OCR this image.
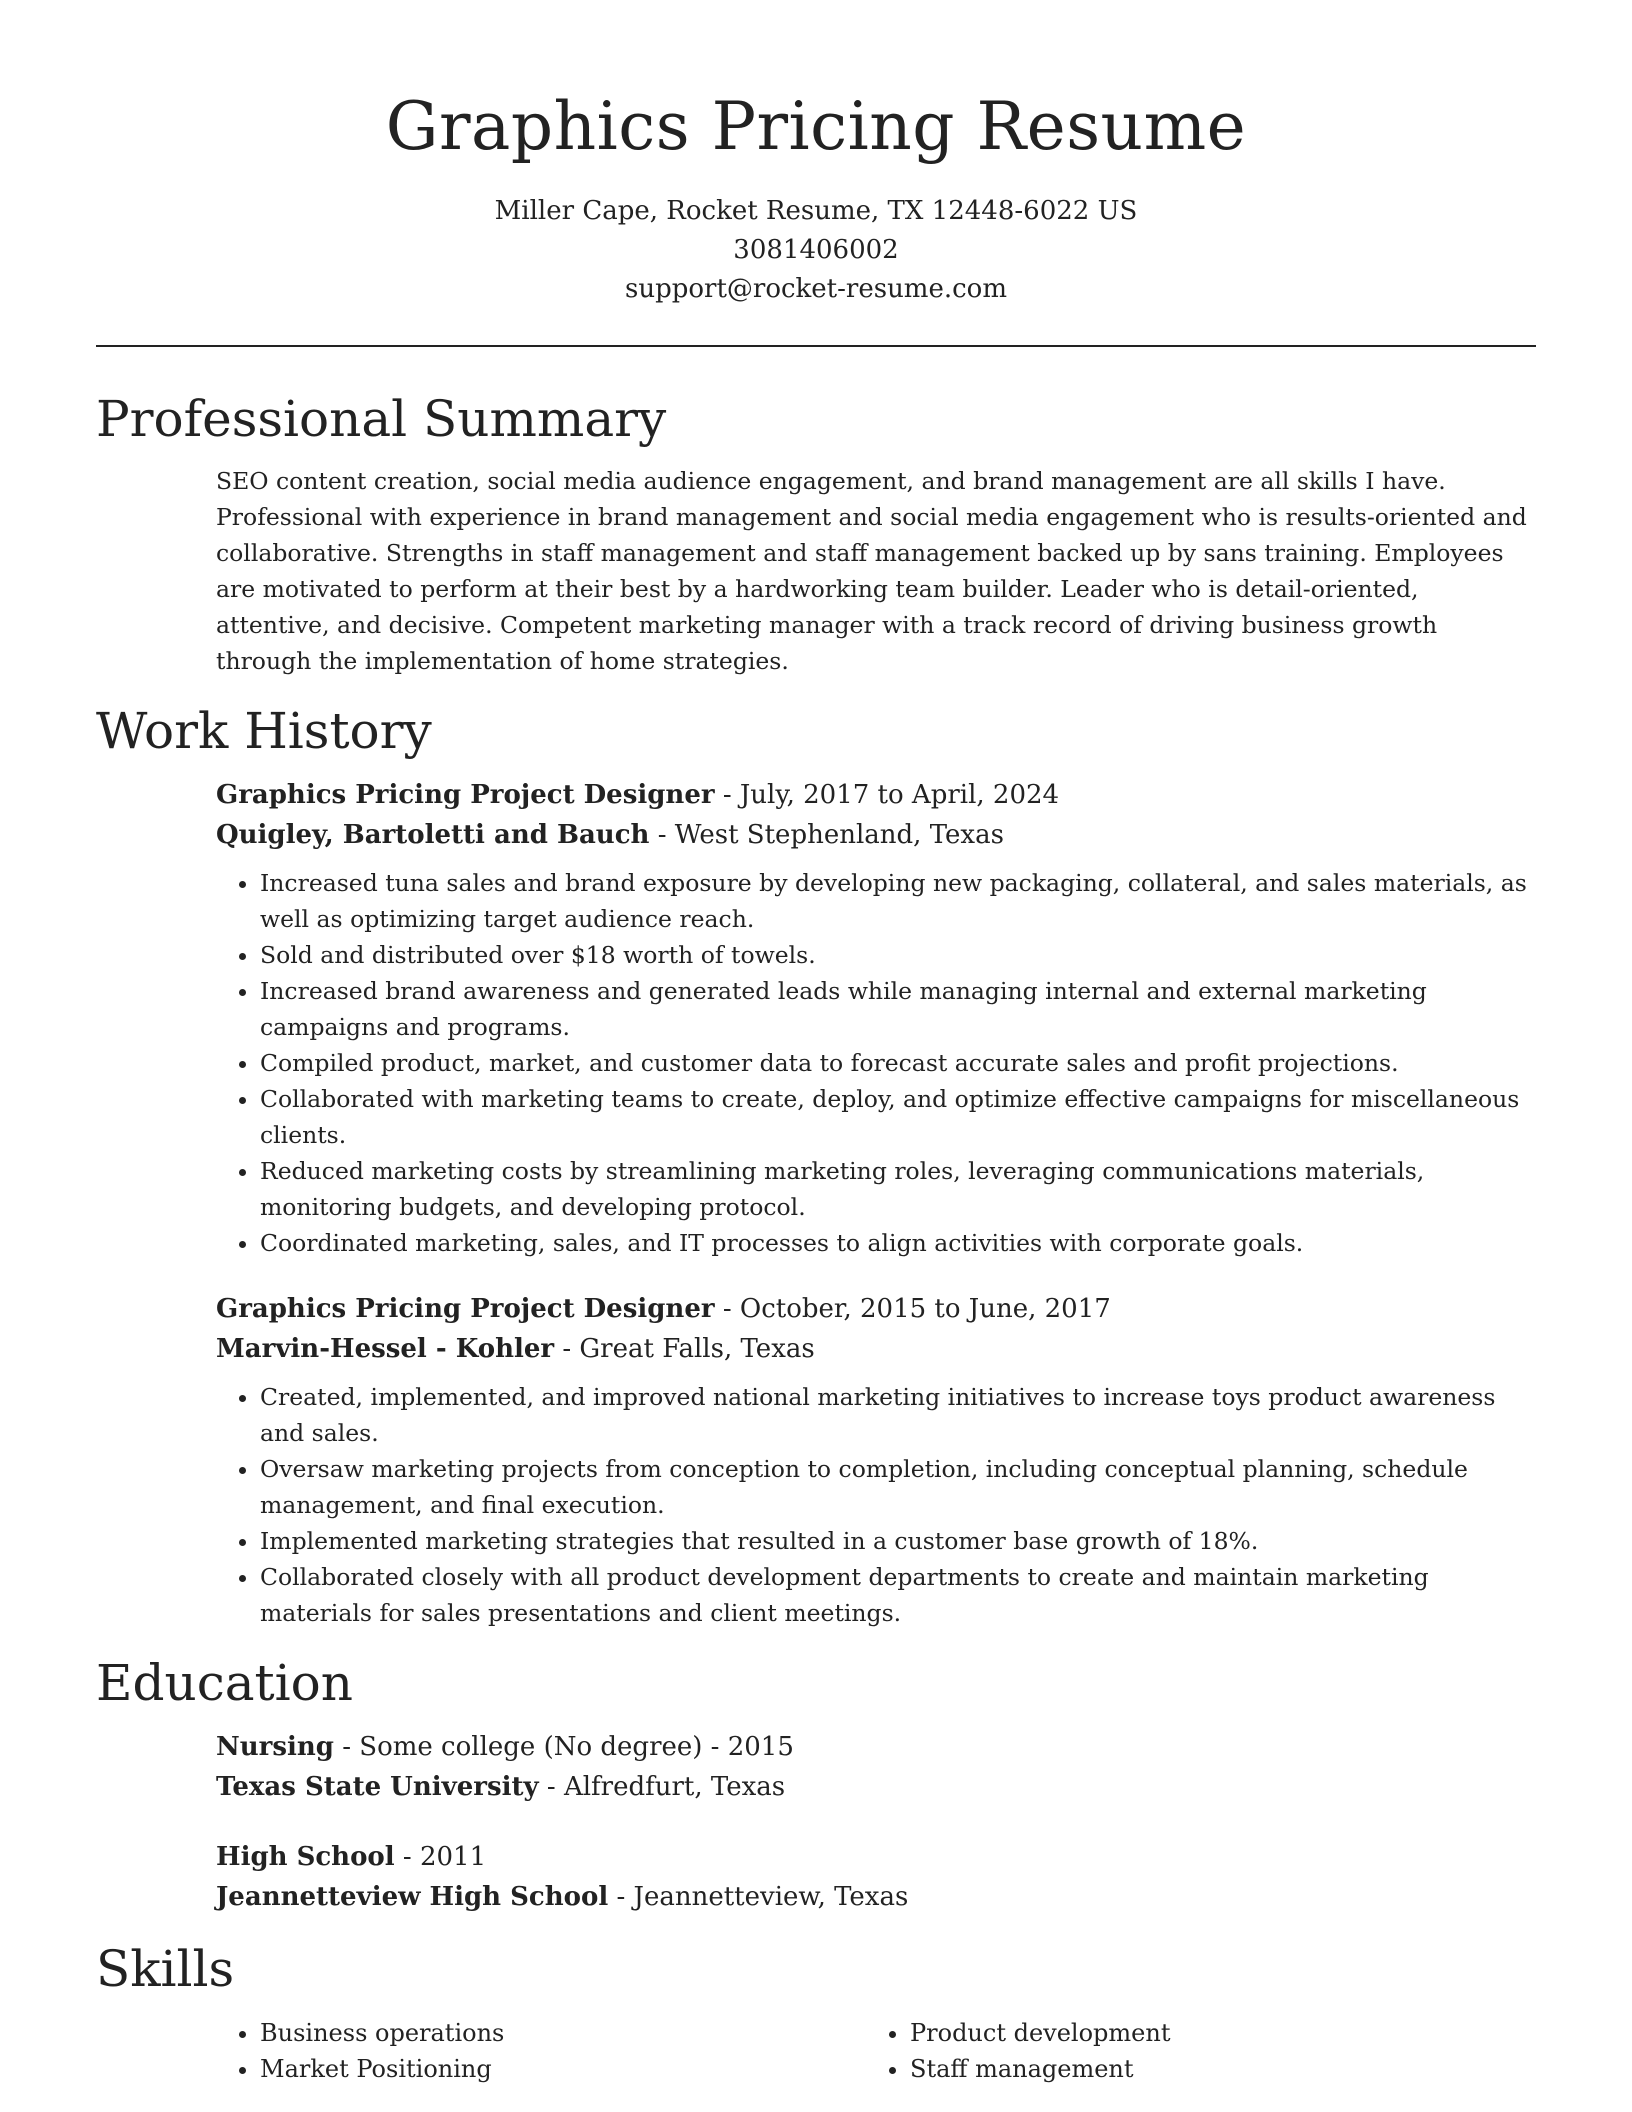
Graphics Pricing Resume

Miller Cape, Rocket Resume, TX 12448-6022 US

3081406002

support@rocket-resume.com

Professional Summary

SEO content creation, social media audience engagement, and brand management are all skills I have. Professional with experience in brand management and social media engagement who is results-oriented and collaborative. Strengths in staff management and staff management backed up by sans training. Employees are motivated to perform at their best by a hardworking team builder. Leader who is detail-oriented, attentive, and decisive. Competent marketing manager with a track record of driving business growth through the implementation of home strategies.

Work History

Graphics Pricing Project Designer - July, 2017 to April, 2024

Quigley, Bartoletti and Bauch - West Stephenland, Texas

• Increased tuna sales and brand exposure by developing new packaging, collateral, and sales materials, as well as optimizing target audience reach.
• Sold and distributed over $18 worth of towels.
• Increased brand awareness and generated leads while managing internal and external marketing campaigns and programs.
• Compiled product, market, and customer data to forecast accurate sales and profit projections.
• Collaborated with marketing teams to create, deploy, and optimize effective campaigns for miscellaneous clients.
• Reduced marketing costs by streamlining marketing roles, leveraging communications materials, monitoring budgets, and developing protocol.
• Coordinated marketing, sales, and IT processes to align activities with corporate goals.

Graphics Pricing Project Designer - October, 2015 to June, 2017

Marvin-Hessel - Kohler - Great Falls, Texas

• Created, implemented, and improved national marketing initiatives to increase toys product awareness and sales.
• Oversaw marketing projects from conception to completion, including conceptual planning, schedule management, and final execution.
• Implemented marketing strategies that resulted in a customer base growth of 18%.
• Collaborated closely with all product development departments to create and maintain marketing materials for sales presentations and client meetings.
Education

Nursing - Some college (No degree) - 2015

Texas State University - Alfredfurt, Texas

High School - 2011

Jeannetteview High School - Jeannetteview, Texas

Skills
• Business operations
• Market Positioning
• Product development
• Staff management
